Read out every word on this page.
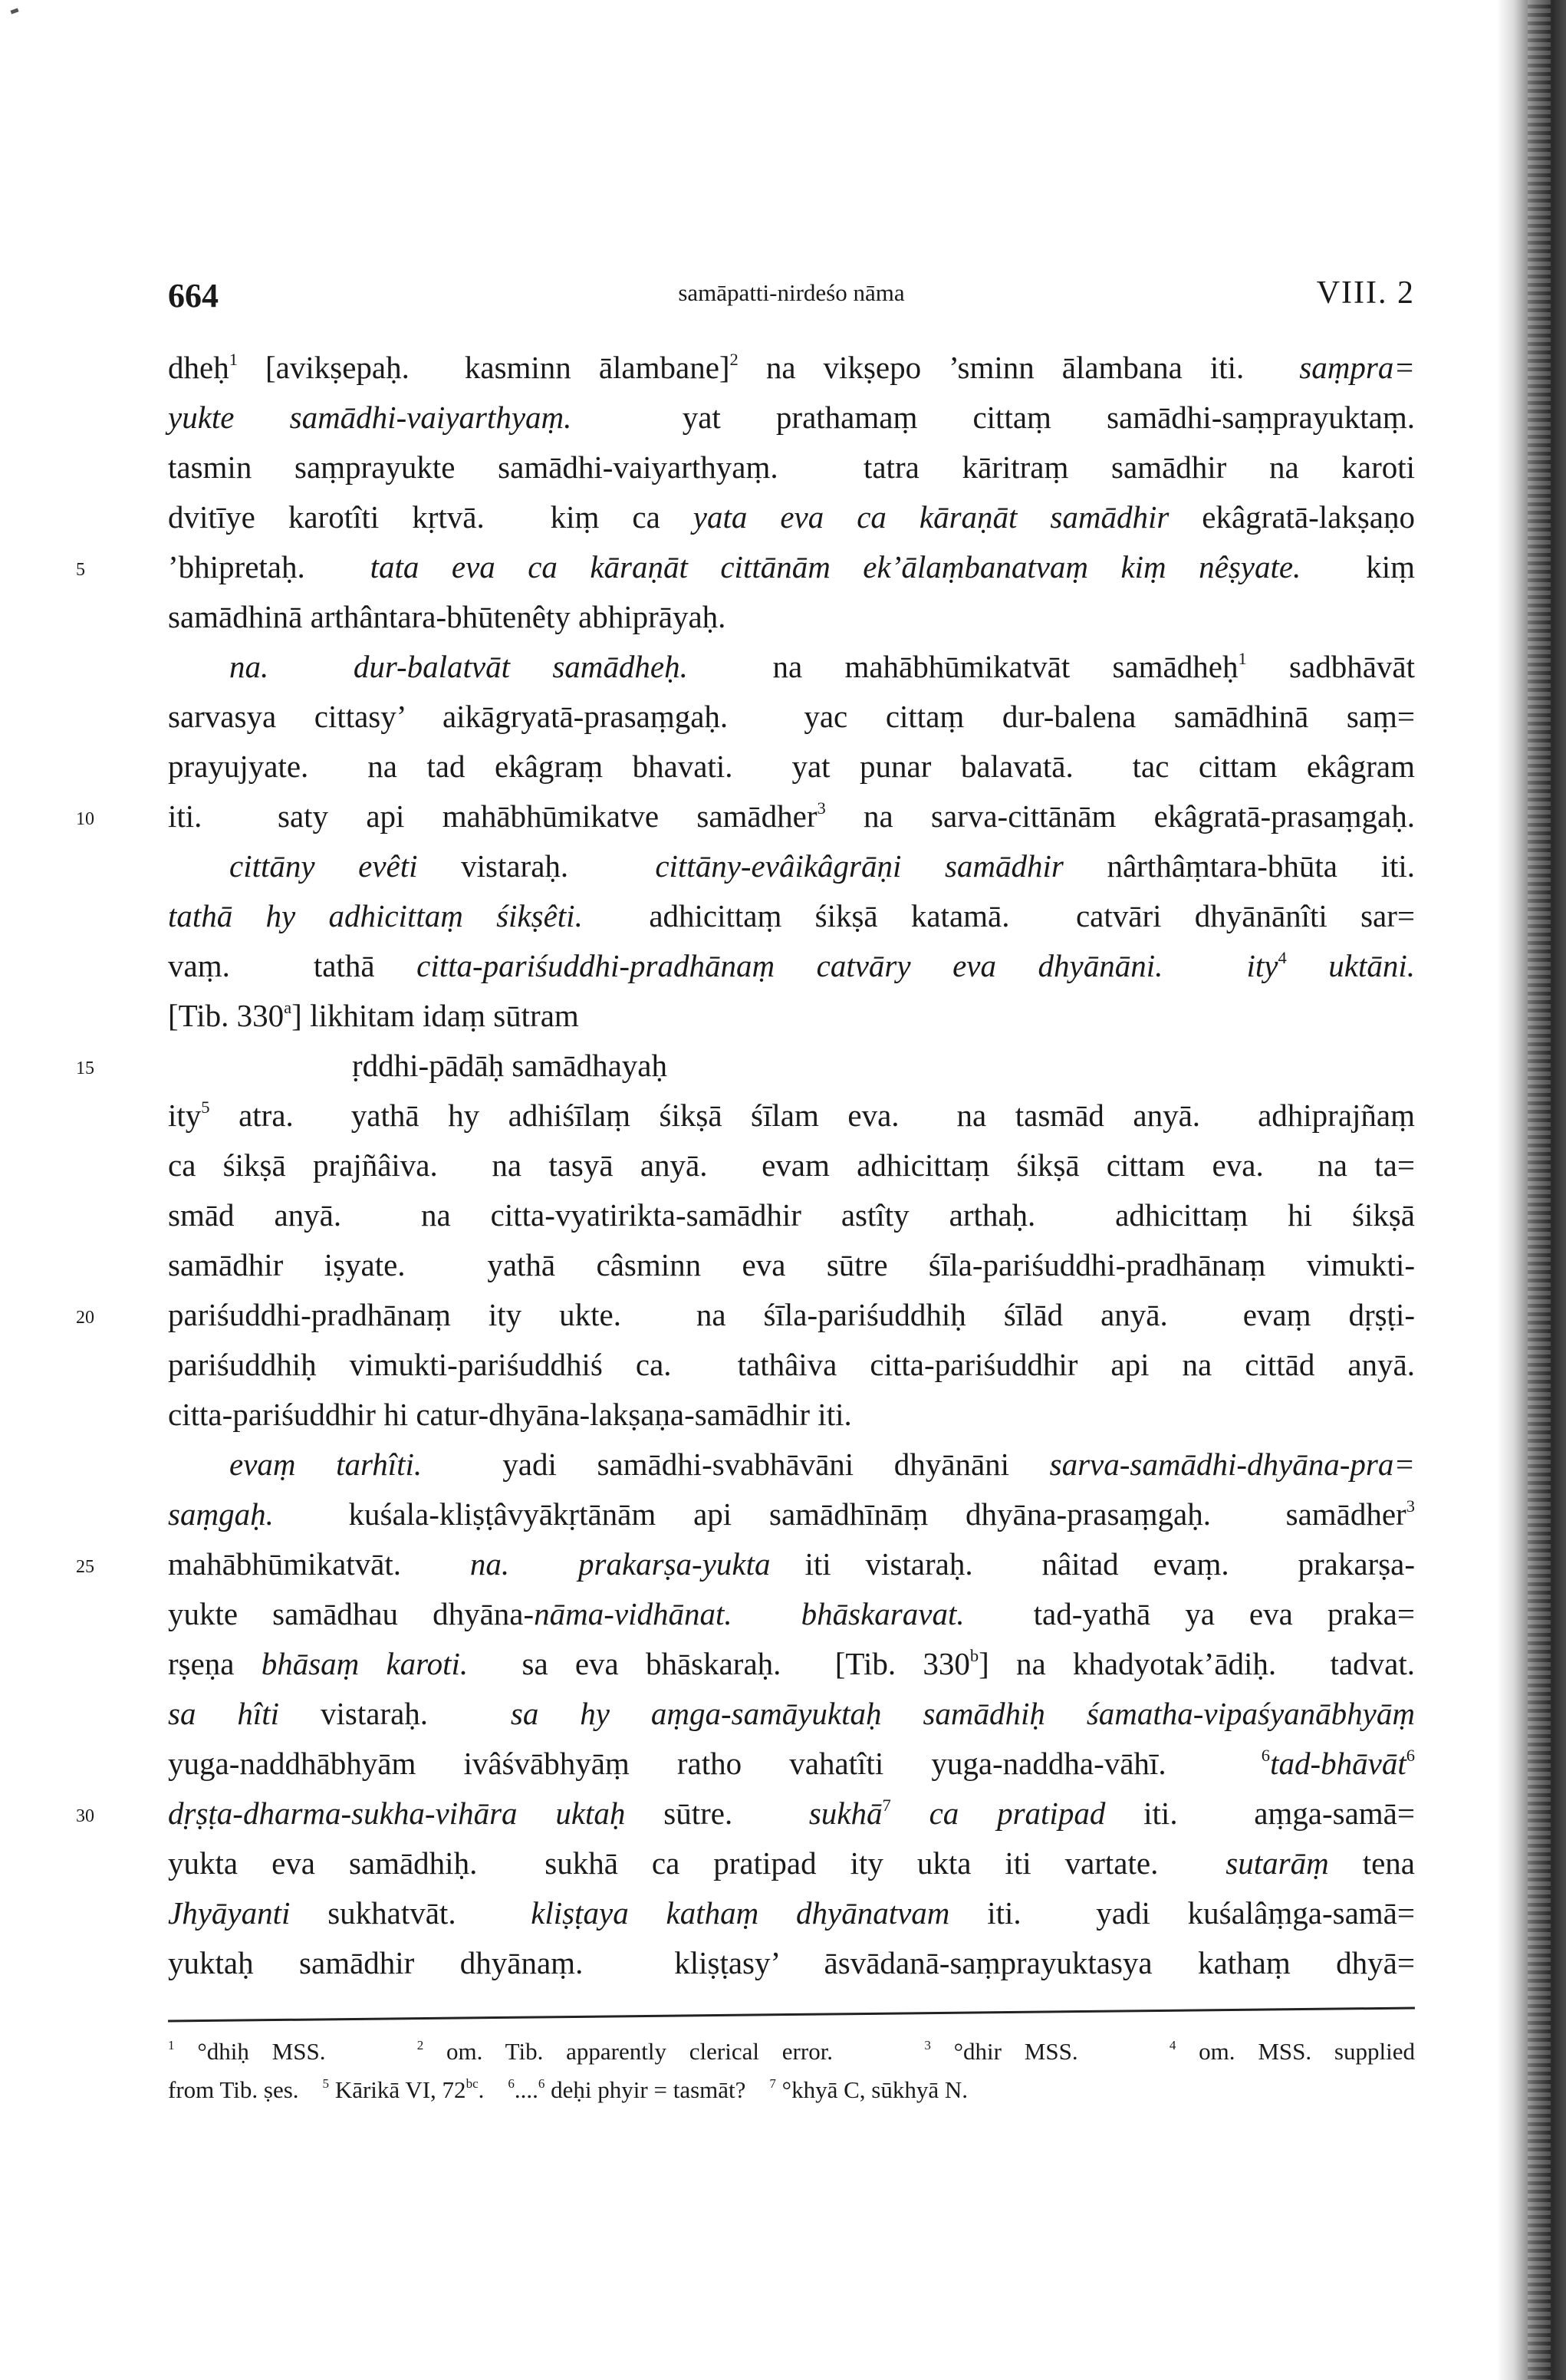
664	samāpatti-nirdeśo nāma	VIII. 2
dheḥ$^1$ [avikṣepaḥ.  kasminn ālambane]$^2$ na vikṣepo ’sminn ālambana iti.  saṃpra=
yukte samādhi-vaiyarthyaṃ.  yat prathamaṃ cittaṃ samādhi-saṃprayuktaṃ.
tasmin saṃprayukte samādhi-vaiyarthyaṃ.  tatra kāritraṃ samādhir na karoti
dvitīye karotîti kṛtvā.  kiṃ ca yata eva ca kāraṇāt samādhir ekâgratā-lakṣaṇo
5	’bhipretaḥ.  tata eva ca kāraṇāt cittānām ek’ālaṃbanatvaṃ kiṃ nêṣyate.  kiṃ
samādhinā arthântara-bhūtenêty abhiprāyaḥ.
na.  dur-balatvāt samādheḥ.  na mahābhūmikatvāt samādheḥ$^1$ sadbhāvāt
sarvasya cittasy’ aikāgryatā-prasaṃgaḥ.  yac cittaṃ dur-balena samādhinā saṃ=
prayujyate.  na tad ekâgraṃ bhavati.  yat punar balavatā.  tac cittam ekâgram
10	iti.  saty api mahābhūmikatve samādher$^3$ na sarva-cittānām ekâgratā-prasaṃgaḥ.
cittāny evêti vistaraḥ.  cittāny-evâikâgrāṇi samādhir nârthâṃtara-bhūta iti.
tathā hy adhicittaṃ śikṣêti.  adhicittaṃ śikṣā katamā.  catvāri dhyānānîti sar=
vaṃ.  tathā citta-pariśuddhi-pradhānaṃ catvāry eva dhyānāni.  ity$^4$ uktāni.
[Tib. 330$^a$] likhitam idaṃ sūtram
15	ṛddhi-pādāḥ samādhayaḥ
ity$^5$ atra.  yathā hy adhiśīlaṃ śikṣā śīlam eva.  na tasmād anyā.  adhiprajñaṃ
ca śikṣā prajñâiva.  na tasyā anyā.  evam adhicittaṃ śikṣā cittam eva.  na ta=
smād anyā.  na citta-vyatirikta-samādhir astîty arthaḥ.  adhicittaṃ hi śikṣā
samādhir iṣyate.  yathā câsminn eva sūtre śīla-pariśuddhi-pradhānaṃ vimukti-
20	pariśuddhi-pradhānaṃ ity ukte.  na śīla-pariśuddhiḥ śīlād anyā.  evaṃ dṛṣṭi-
pariśuddhiḥ vimukti-pariśuddhiś ca.  tathâiva citta-pariśuddhir api na cittād anyā.
citta-pariśuddhir hi catur-dhyāna-lakṣaṇa-samādhir iti.
evaṃ tarhîti.  yadi samādhi-svabhāvāni dhyānāni sarva-samādhi-dhyāna-pra=
saṃgaḥ.  kuśala-kliṣṭâvyākṛtānām api samādhīnāṃ dhyāna-prasaṃgaḥ.  samādher$^3$
25	mahābhūmikatvāt.  na.  prakarṣa-yukta iti vistaraḥ.  nâitad evaṃ.  prakarṣa-
yukte samādhau dhyāna-nāma-vidhānat.  bhāskaravat.  tad-yathā ya eva praka=
rṣeṇa bhāsaṃ karoti.  sa eva bhāskaraḥ.  [Tib. 330$^b$] na khadyotak’ādiḥ.  tadvat.
sa hîti vistaraḥ.  sa hy aṃga-samāyuktaḥ samādhiḥ śamatha-vipaśyanābhyāṃ
yuga-naddhābhyām ivâśvābhyāṃ ratho vahatîti yuga-naddha-vāhī.  $^6$tad-bhāvāt$^6$
30	dṛṣṭa-dharma-sukha-vihāra uktaḥ sūtre.  sukhā$^7$ ca pratipad iti.  aṃga-samā=
yukta eva samādhiḥ.  sukhā ca pratipad ity ukta iti vartate.  sutarāṃ tena
Jhyāyanti sukhatvāt.  kliṣṭaya kathaṃ dhyānatvam iti.  yadi kuśalâṃga-samā=
yuktaḥ samādhir dhyānaṃ.  kliṣṭasy’ āsvādanā-saṃprayuktasya kathaṃ dhyā=
$^1$ °dhiḥ MSS.    $^2$ om. Tib. apparently clerical error.    $^3$ °dhir MSS.    $^4$ om. MSS. supplied
from Tib. ṣes.    $^5$ Kārikā VI, $72^{bc}$.    $^6$....$^6$ deḥi phyir = tasmāt?    $^7$ °khyā C, sūkhyā N.
